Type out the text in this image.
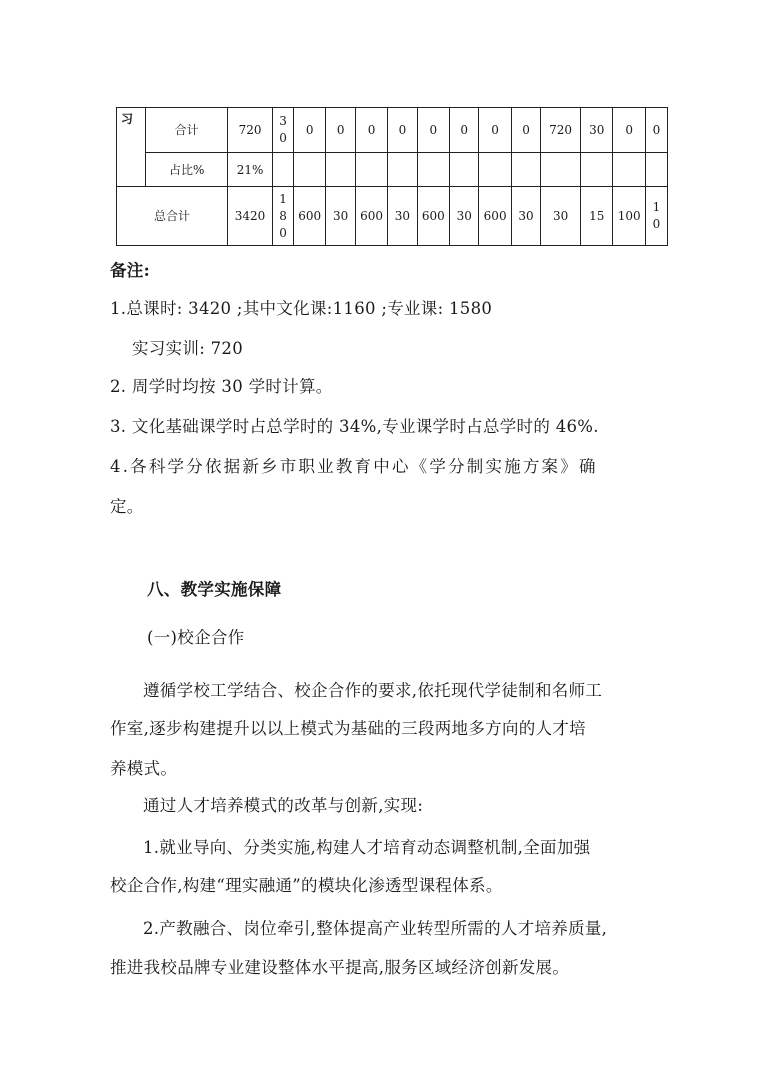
习	合计	720	30	0	0	0	0	0	0	0	0	720	30	0	0
	占比%	21%													
总合计		3420	180	600	30	600	30	600	30	600	30	30	15	100	10
备注:
1.总课时: 3420 ;其中文化课:1160 ;专业课: 1580
实习实训: 720
2. 周学时均按 30 学时计算。
3. 文化基础课学时占总学时的 34%,专业课学时占总学时的 46%.
4.各科学分依据新乡市职业教育中心《学分制实施方案》确
定。
八、教学实施保障
(一)校企合作
遵循学校工学结合、校企合作的要求,依托现代学徒制和名师工
作室,逐步构建提升以以上模式为基础的三段两地多方向的人才培
养模式。
通过人才培养模式的改革与创新,实现:
1.就业导向、分类实施,构建人才培育动态调整机制,全面加强
校企合作,构建“理实融通”的模块化渗透型课程体系。
2.产教融合、岗位牵引,整体提高产业转型所需的人才培养质量,
推进我校品牌专业建设整体水平提高,服务区域经济创新发展。
